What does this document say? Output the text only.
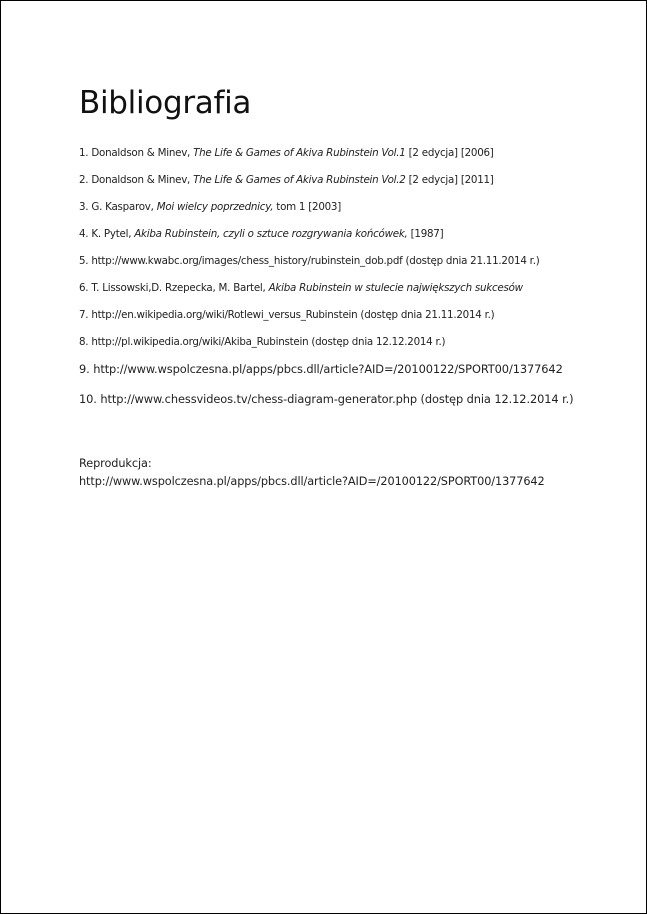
Bibliografia
1. Donaldson & Minev, The Life & Games of Akiva Rubinstein Vol.1 [2 edycja] [2006]
2. Donaldson & Minev, The Life & Games of Akiva Rubinstein Vol.2 [2 edycja] [2011]
3. G. Kasparov, Moi wielcy poprzednicy, tom 1 [2003]
4. K. Pytel, Akiba Rubinstein, czyli o sztuce rozgrywania końcówek, [1987]
5. http://www.kwabc.org/images/chess_history/rubinstein_dob.pdf (dostęp dnia 21.11.2014 r.)
6. T. Lissowski,D. Rzepecka, M. Bartel, Akiba Rubinstein w stulecie największych sukcesów
7. http://en.wikipedia.org/wiki/Rotlewi_versus_Rubinstein (dostęp dnia 21.11.2014 r.)
8. http://pl.wikipedia.org/wiki/Akiba_Rubinstein (dostęp dnia 12.12.2014 r.)
9. http://www.wspolczesna.pl/apps/pbcs.dll/article?AID=/20100122/SPORT00/1377642
10. http://www.chessvideos.tv/chess-diagram-generator.php (dostęp dnia 12.12.2014 r.)
Reprodukcja:
http://www.wspolczesna.pl/apps/pbcs.dll/article?AID=/20100122/SPORT00/1377642
